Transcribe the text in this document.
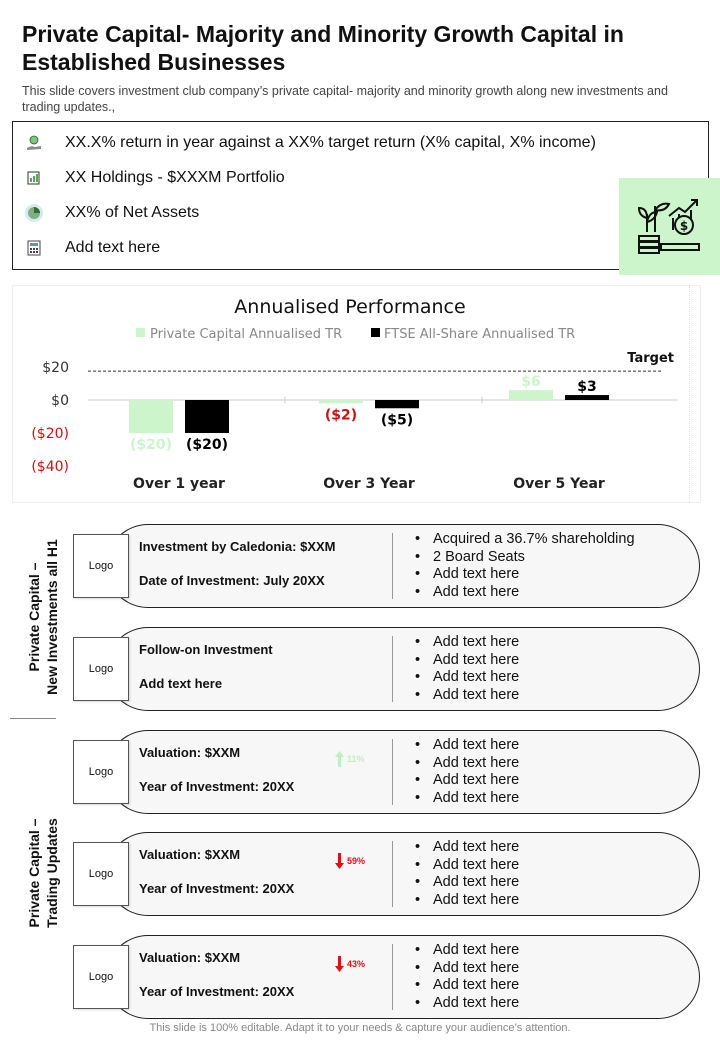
Private Capital- Majority and Minority Growth Capital in Established Businesses
This slide covers investment club company’s private capital- majority and minority growth along new investments and trading updates.,
XX.X% return in year against a XX% target return (X% capital, X% income)
XX Holdings - $XXXM Portfolio
XX% of Net Assets
Add text here
$
Annualised Performance
Private Capital Annualised TR	FTSE All-Share Annualised TR
Target
$20
$0
($20)
($40)
($20) ($20)
Over 1 year
($2) ($5)
Over 3 Year
$6	$3
Over 5 Year
Private Capital –
New Investments all H1
Private Capital –
Trading Updates
Investment by Caledonia: $XXM
Date of Investment: July 20XX
• Acquired a 36.7% shareholding
• 2 Board Seats
• Add text here
• Add text here
Logo
Follow-on Investment
Add text here
• Add text here
• Add text here
• Add text here
• Add text here
Logo
Valuation: $XXM
Year of Investment: 20XX
11%
• Add text here
• Add text here
• Add text here
• Add text here
Logo
Valuation: $XXM
Year of Investment: 20XX
59%
• Add text here
• Add text here
• Add text here
• Add text here
Logo
Valuation: $XXM
Year of Investment: 20XX
43%
• Add text here
• Add text here
• Add text here
• Add text here
Logo
This slide is 100% editable. Adapt it to your needs & capture your audience’s attention.
